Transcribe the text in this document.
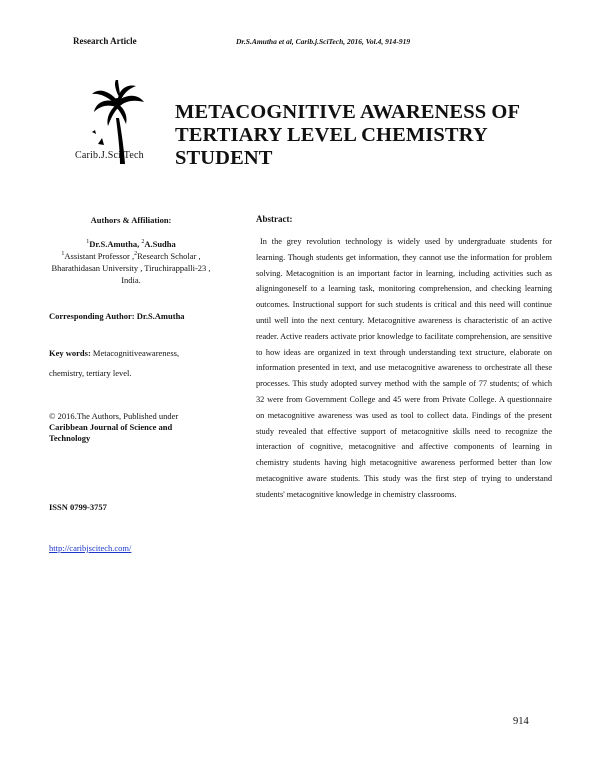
Research Article	Dr.S.Amutha et al, Carib.j.SciTech, 2016, Vol.4, 914-919
Carib.J.Sci.Tech
METACOGNITIVE AWARENESS OF
TERTIARY LEVEL CHEMISTRY STUDENT
Authors & Affiliation:
$^1$Dr.S.Amutha, $^2$A.Sudha
$^1$Assistant Professor ,$^2$Research Scholar ,
Bharathidasan University , Tiruchirappalli-23 ,
India.
Corresponding Author: Dr.S.Amutha
Key words: Metacognitiveawareness,
chemistry, tertiary level.
© 2016.The Authors, Published under
Caribbean Journal of Science and
Technology
ISSN 0799-3757
http://caribjscitech.com/
Abstract:
In the grey revolution technology is widely used by undergraduate students for learning. Though students get information, they cannot use the information for problem solving. Metacognition is an important factor in learning, including activities such as aligningoneself to a learning task, monitoring comprehension, and checking learning outcomes. Instructional support for such students is critical and this need will continue until well into the next century. Metacognitive awareness is characteristic of an active reader. Active readers activate prior knowledge to facilitate comprehension, are sensitive to how ideas are organized in text through understanding text structure, elaborate on information presented in text, and use metacognitive awareness to orchestrate all these processes. This study adopted survey method with the sample of 77 students; of which 32 were from Government College and 45 were from Private College. A questionnaire on metacognitive awareness was used as tool to collect data. Findings of the present study revealed that effective support of metacognitive skills need to recognize the interaction of cognitive, metacognitive and affective components of learning in chemistry students having high metacognitive awareness performed better than low metacognitive aware students. This study was the first step of trying to understand students' metacognitive knowledge in chemistry classrooms.
914
